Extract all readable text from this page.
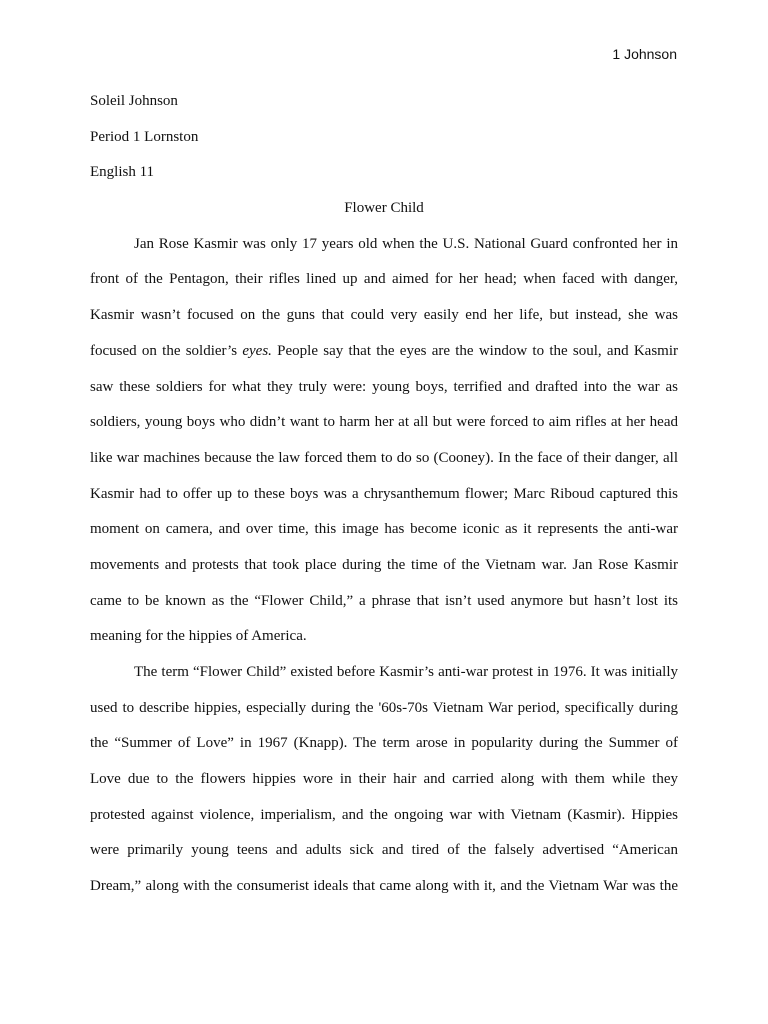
1 Johnson
Soleil Johnson
Period 1 Lornston
English 11
Flower Child
Jan Rose Kasmir was only 17 years old when the U.S. National Guard confronted her in
front of the Pentagon, their rifles lined up and aimed for her head; when faced with danger,
Kasmir wasn’t focused on the guns that could very easily end her life, but instead, she was
focused on the soldier’s eyes. People say that the eyes are the window to the soul, and Kasmir
saw these soldiers for what they truly were: young boys, terrified and drafted into the war as
soldiers, young boys who didn’t want to harm her at all but were forced to aim rifles at her head
like war machines because the law forced them to do so (Cooney). In the face of their danger, all
Kasmir had to offer up to these boys was a chrysanthemum flower; Marc Riboud captured this
moment on camera, and over time, this image has become iconic as it represents the anti-war
movements and protests that took place during the time of the Vietnam war. Jan Rose Kasmir
came to be known as the “Flower Child,” a phrase that isn’t used anymore but hasn’t lost its
meaning for the hippies of America.
The term “Flower Child” existed before Kasmir’s anti-war protest in 1976. It was initially
used to describe hippies, especially during the '60s-70s Vietnam War period, specifically during
the “Summer of Love” in 1967 (Knapp). The term arose in popularity during the Summer of
Love due to the flowers hippies wore in their hair and carried along with them while they
protested against violence, imperialism, and the ongoing war with Vietnam (Kasmir). Hippies
were primarily young teens and adults sick and tired of the falsely advertised “American
Dream,” along with the consumerist ideals that came along with it, and the Vietnam War was the
